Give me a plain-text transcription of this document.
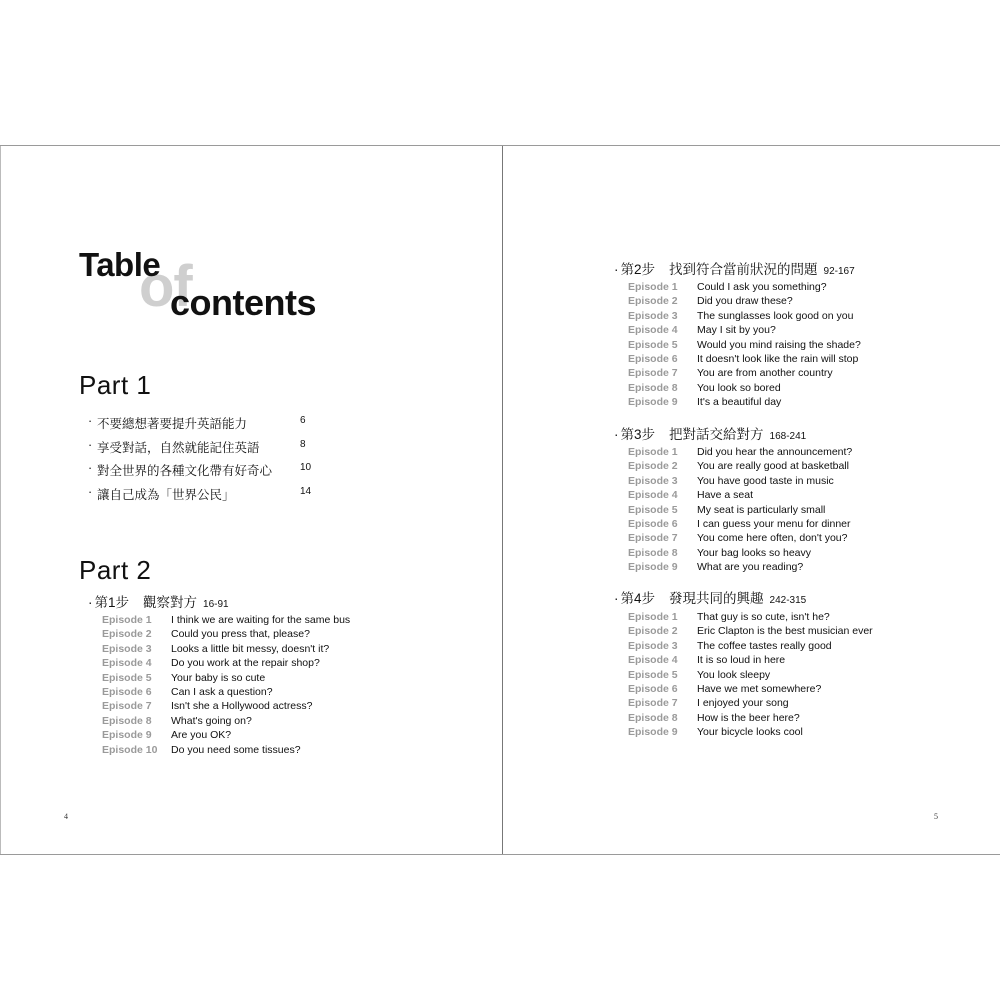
Table
of
contents
Part 1
· 不要總想著要提升英語能力	6
· 享受對話，自然就能記住英語	8
· 對全世界的各種文化帶有好奇心	10
· 讓自己成為「世界公民」	14
Part 2
· 第1步 觀察對方 16-91
Episode 1 I think we are waiting for the same bus
Episode 2 Could you press that, please?
Episode 3 Looks a little bit messy, doesn't it?
Episode 4 Do you work at the repair shop?
Episode 5 Your baby is so cute
Episode 6 Can I ask a question?
Episode 7 Isn't she a Hollywood actress?
Episode 8 What's going on?
Episode 9 Are you OK?
Episode 10 Do you need some tissues?
4
· 第2步 找到符合當前狀況的問題 92-167
Episode 1 Could I ask you something?
Episode 2 Did you draw these?
Episode 3 The sunglasses look good on you
Episode 4 May I sit by you?
Episode 5 Would you mind raising the shade?
Episode 6 It doesn't look like the rain will stop
Episode 7 You are from another country
Episode 8 You look so bored
Episode 9 It's a beautiful day
· 第3步 把對話交給對方 168-241
Episode 1 Did you hear the announcement?
Episode 2 You are really good at basketball
Episode 3 You have good taste in music
Episode 4 Have a seat
Episode 5 My seat is particularly small
Episode 6 I can guess your menu for dinner
Episode 7 You come here often, don't you?
Episode 8 Your bag looks so heavy
Episode 9 What are you reading?
· 第4步 發現共同的興趣 242-315
Episode 1 That guy is so cute, isn't he?
Episode 2 Eric Clapton is the best musician ever
Episode 3 The coffee tastes really good
Episode 4 It is so loud in here
Episode 5 You look sleepy
Episode 6 Have we met somewhere?
Episode 7 I enjoyed your song
Episode 8 How is the beer here?
Episode 9 Your bicycle looks cool
5
